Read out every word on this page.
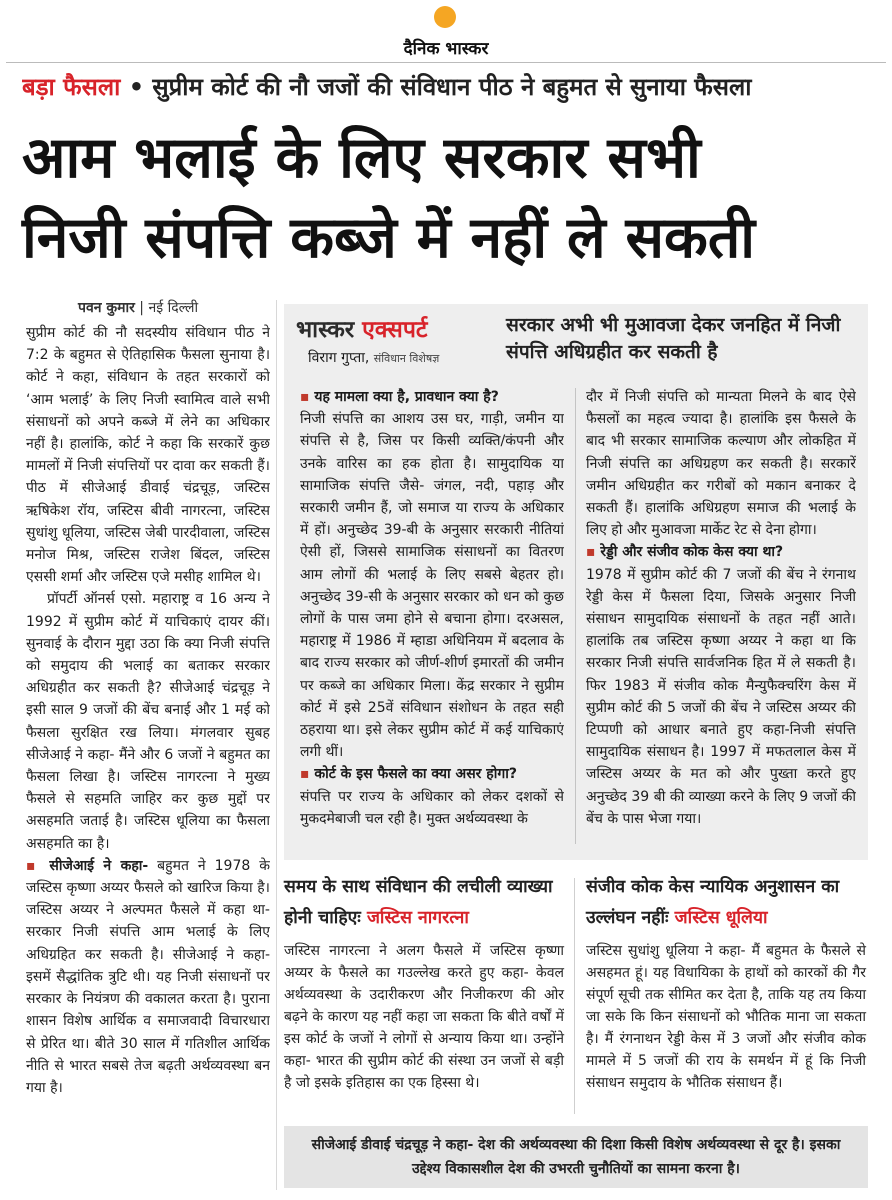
दैनिक भास्कर
बड़ा फैसला • सुप्रीम कोर्ट की नौ जजों की संविधान पीठ ने बहुमत से सुनाया फैसला
आम भलाई के लिए सरकार सभी
निजी संपत्ति कब्जे में नहीं ले सकती
पवन कुमार | नई दिल्ली

सुप्रीम कोर्ट की नौ सदस्यीय संविधान पीठ ने 7:2 के बहुमत से ऐतिहासिक फैसला सुनाया है। कोर्ट ने कहा, संविधान के तहत सरकारों को ‘आम भलाई’ के लिए निजी स्वामित्व वाले सभी संसाधनों को अपने कब्जे में लेने का अधिकार नहीं है। हालांकि, कोर्ट ने कहा कि सरकारें कुछ मामलों में निजी संपत्तियों पर दावा कर सकती हैं। पीठ में सीजेआई डीवाई चंद्रचूड़, जस्टिस ऋषिकेश रॉय, जस्टिस बीवी नागरत्ना, जस्टिस सुधांशु धूलिया, जस्टिस जेबी पारदीवाला, जस्टिस मनोज मिश्र, जस्टिस राजेश बिंदल, जस्टिस एससी शर्मा और जस्टिस एजे मसीह शामिल थे।

प्रॉपर्टी ऑनर्स एसो. महाराष्ट्र व 16 अन्य ने 1992 में सुप्रीम कोर्ट में याचिकाएं दायर कीं। सुनवाई के दौरान मुद्दा उठा कि क्या निजी संपत्ति को समुदाय की भलाई का बताकर सरकार अधिग्रहीत कर सकती है? सीजेआई चंद्रचूड़ ने इसी साल 9 जजों की बेंच बनाई और 1 मई को फैसला सुरक्षित रख लिया। मंगलवार सुबह सीजेआई ने कहा- मैंने और 6 जजों ने बहुमत का फैसला लिखा है। जस्टिस नागरत्ना ने मुख्य फैसले से सहमति जाहिर कर कुछ मुद्दों पर असहमति जताई है। जस्टिस धूलिया का फैसला असहमति का है।

▪ सीजेआई ने कहा- बहुमत ने 1978 के जस्टिस कृष्णा अय्यर फैसले को खारिज किया है। जस्टिस अय्यर ने अल्पमत फैसले में कहा था- सरकार निजी संपत्ति आम भलाई के लिए अधिग्रहित कर सकती है। सीजेआई ने कहा- इसमें सैद्धांतिक त्रुटि थी। यह निजी संसाधनों पर सरकार के नियंत्रण की वकालत करता है। पुराना शासन विशेष आर्थिक व समाजवादी विचारधारा से प्रेरित था। बीते 30 साल में गतिशील आर्थिक नीति से भारत सबसे तेज बढ़ती अर्थव्यवस्था बन गया है।

भास्कर एक्सपर्ट
विराग गुप्ता, संविधान विशेषज्ञ
सरकार अभी भी मुआवजा देकर जनहित में निजी संपत्ति अधिग्रहीत कर सकती है
▪ यह मामला क्या है, प्रावधान क्या है?
निजी संपत्ति का आशय उस घर, गाड़ी, जमीन या संपत्ति से है, जिस पर किसी व्यक्ति/कंपनी और उनके वारिस का हक होता है। सामुदायिक या सामाजिक संपत्ति जैसे- जंगल, नदी, पहाड़ और सरकारी जमीन हैं, जो समाज या राज्य के अधिकार में हों। अनुच्छेद 39-बी के अनुसार सरकारी नीतियां ऐसी हों, जिससे सामाजिक संसाधनों का वितरण आम लोगों की भलाई के लिए सबसे बेहतर हो। अनुच्छेद 39-सी के अनुसार सरकार को धन को कुछ लोगों के पास जमा होने से बचाना होगा। दरअसल, महाराष्ट्र में 1986 में म्हाडा अधिनियम में बदलाव के बाद राज्य सरकार को जीर्ण-शीर्ण इमारतों की जमीन पर कब्जे का अधिकार मिला। केंद्र सरकार ने सुप्रीम कोर्ट में इसे 25वें संविधान संशोधन के तहत सही ठहराया था। इसे लेकर सुप्रीम कोर्ट में कई याचिकाएं लगी थीं।
▪ कोर्ट के इस फैसले का क्या असर होगा?
संपत्ति पर राज्य के अधिकार को लेकर दशकों से मुकदमेबाजी चल रही है। मुक्त अर्थव्यवस्था के
दौर में निजी संपत्ति को मान्यता मिलने के बाद ऐसे फैसलों का महत्व ज्यादा है। हालांकि इस फैसले के बाद भी सरकार सामाजिक कल्याण और लोकहित में निजी संपत्ति का अधिग्रहण कर सकती है। सरकारें जमीन अधिग्रहीत कर गरीबों को मकान बनाकर दे सकती हैं। हालांकि अधिग्रहण समाज की भलाई के लिए हो और मुआवजा मार्केट रेट से देना होगा।
▪ रेड्डी और संजीव कोक केस क्या था?
1978 में सुप्रीम कोर्ट की 7 जजों की बेंच ने रंगनाथ रेड्डी केस में फैसला दिया, जिसके अनुसार निजी संसाधन सामुदायिक संसाधनों के तहत नहीं आते। हालांकि तब जस्टिस कृष्णा अय्यर ने कहा था कि सरकार निजी संपत्ति सार्वजनिक हित में ले सकती है। फिर 1983 में संजीव कोक मैन्युफैक्चरिंग केस में सुप्रीम कोर्ट की 5 जजों की बेंच ने जस्टिस अय्यर की टिप्पणी को आधार बनाते हुए कहा-निजी संपत्ति सामुदायिक संसाधन है। 1997 में मफतलाल केस में जस्टिस अय्यर के मत को और पुख्ता करते हुए अनुच्छेद 39 बी की व्याख्या करने के लिए 9 जजों की बेंच के पास भेजा गया।
समय के साथ संविधान की लचीली व्याख्या होनी चाहिएः जस्टिस नागरत्ना
जस्टिस नागरत्ना ने अलग फैसले में जस्टिस कृष्णा अय्यर के फैसले का गउल्लेख करते हुए कहा- केवल अर्थव्यवस्था के उदारीकरण और निजीकरण की ओर बढ़ने के कारण यह नहीं कहा जा सकता कि बीते वर्षों में इस कोर्ट के जजों ने लोगों से अन्याय किया था। उन्होंने कहा- भारत की सुप्रीम कोर्ट की संस्था उन जजों से बड़ी है जो इसके इतिहास का एक हिस्सा थे।
संजीव कोक केस न्यायिक अनुशासन का उल्लंघन नहींः जस्टिस धूलिया
जस्टिस सुधांशु धूलिया ने कहा- मैं बहुमत के फैसले से असहमत हूं। यह विधायिका के हाथों को कारकों की गैर संपूर्ण सूची तक सीमित कर देता है, ताकि यह तय किया जा सके कि किन संसाधनों को भौतिक माना जा सकता है। मैं रंगनाथन रेड्डी केस में 3 जजों और संजीव कोक मामले में 5 जजों की राय के समर्थन में हूं कि निजी संसाधन समुदाय के भौतिक संसाधन हैं।
सीजेआई डीवाई चंद्रचूड़ ने कहा- देश की अर्थव्यवस्था की दिशा किसी विशेष अर्थव्यवस्था से दूर है। इसका उद्देश्य विकासशील देश की उभरती चुनौतियों का सामना करना है।
